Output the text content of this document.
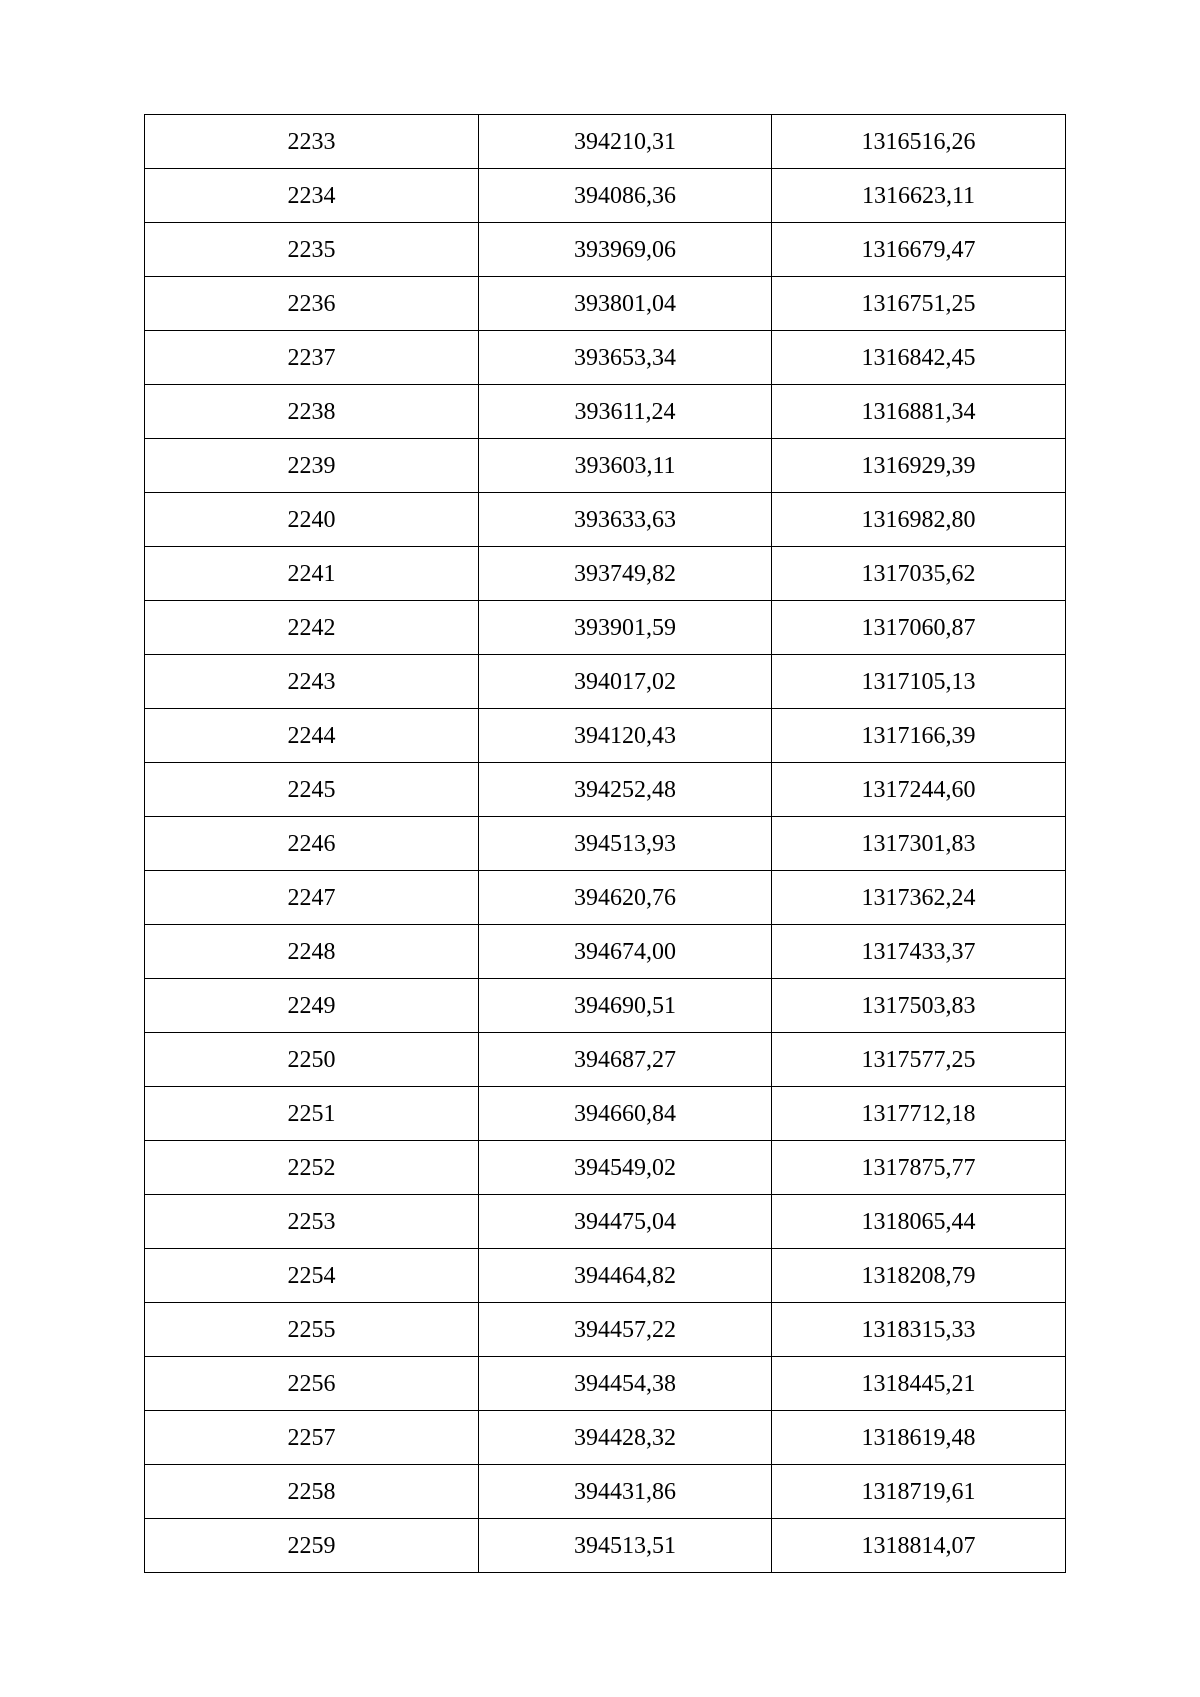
2233	394210,31	1316516,26
2234	394086,36	1316623,11
2235	393969,06	1316679,47
2236	393801,04	1316751,25
2237	393653,34	1316842,45
2238	393611,24	1316881,34
2239	393603,11	1316929,39
2240	393633,63	1316982,80
2241	393749,82	1317035,62
2242	393901,59	1317060,87
2243	394017,02	1317105,13
2244	394120,43	1317166,39
2245	394252,48	1317244,60
2246	394513,93	1317301,83
2247	394620,76	1317362,24
2248	394674,00	1317433,37
2249	394690,51	1317503,83
2250	394687,27	1317577,25
2251	394660,84	1317712,18
2252	394549,02	1317875,77
2253	394475,04	1318065,44
2254	394464,82	1318208,79
2255	394457,22	1318315,33
2256	394454,38	1318445,21
2257	394428,32	1318619,48
2258	394431,86	1318719,61
2259	394513,51	1318814,07
